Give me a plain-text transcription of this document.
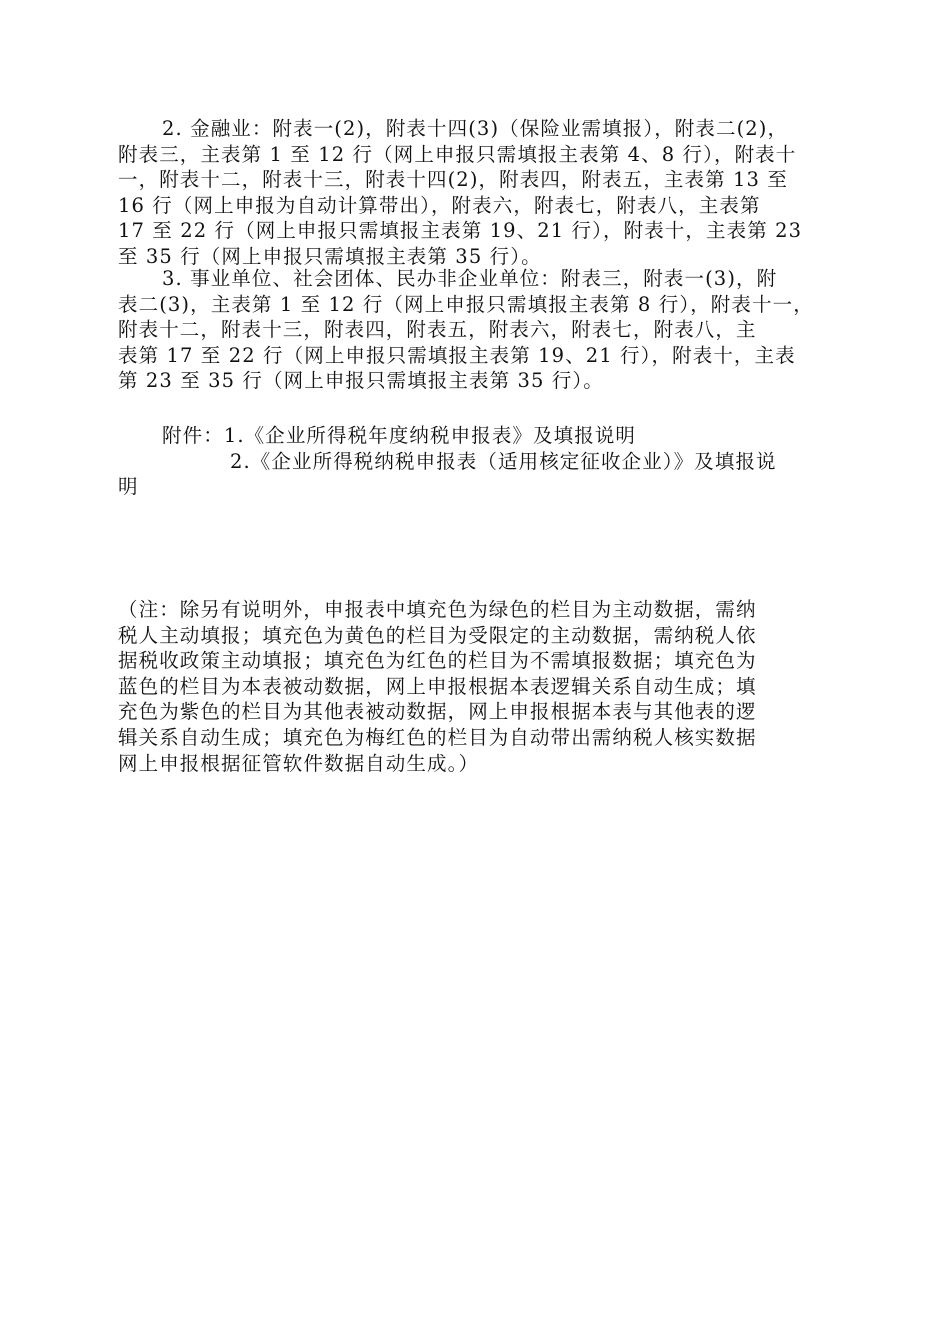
2. 金融业：附表一(2)，附表十四(3)（保险业需填报），附表二(2)，
附表三，主表第 1 至 12 行（网上申报只需填报主表第 4、8 行），附表十
一，附表十二，附表十三，附表十四(2)，附表四，附表五，主表第 13 至
16 行（网上申报为自动计算带出），附表六，附表七，附表八，主表第
17 至 22 行（网上申报只需填报主表第 19、21 行），附表十，主表第 23
至 35 行（网上申报只需填报主表第 35 行）。
3. 事业单位、社会团体、民办非企业单位：附表三，附表一(3)，附
表二(3)，主表第 1 至 12 行（网上申报只需填报主表第 8 行），附表十一，
附表十二，附表十三，附表四，附表五，附表六，附表七，附表八，主
表第 17 至 22 行（网上申报只需填报主表第 19、21 行），附表十，主表
第 23 至 35 行（网上申报只需填报主表第 35 行）。
附件：1.《企业所得税年度纳税申报表》及填报说明
2.《企业所得税纳税申报表（适用核定征收企业）》及填报说
明
（注：除另有说明外，申报表中填充色为绿色的栏目为主动数据，需纳
税人主动填报；填充色为黄色的栏目为受限定的主动数据，需纳税人依
据税收政策主动填报；填充色为红色的栏目为不需填报数据；填充色为
蓝色的栏目为本表被动数据，网上申报根据本表逻辑关系自动生成；填
充色为紫色的栏目为其他表被动数据，网上申报根据本表与其他表的逻
辑关系自动生成；填充色为梅红色的栏目为自动带出需纳税人核实数据
网上申报根据征管软件数据自动生成。）
